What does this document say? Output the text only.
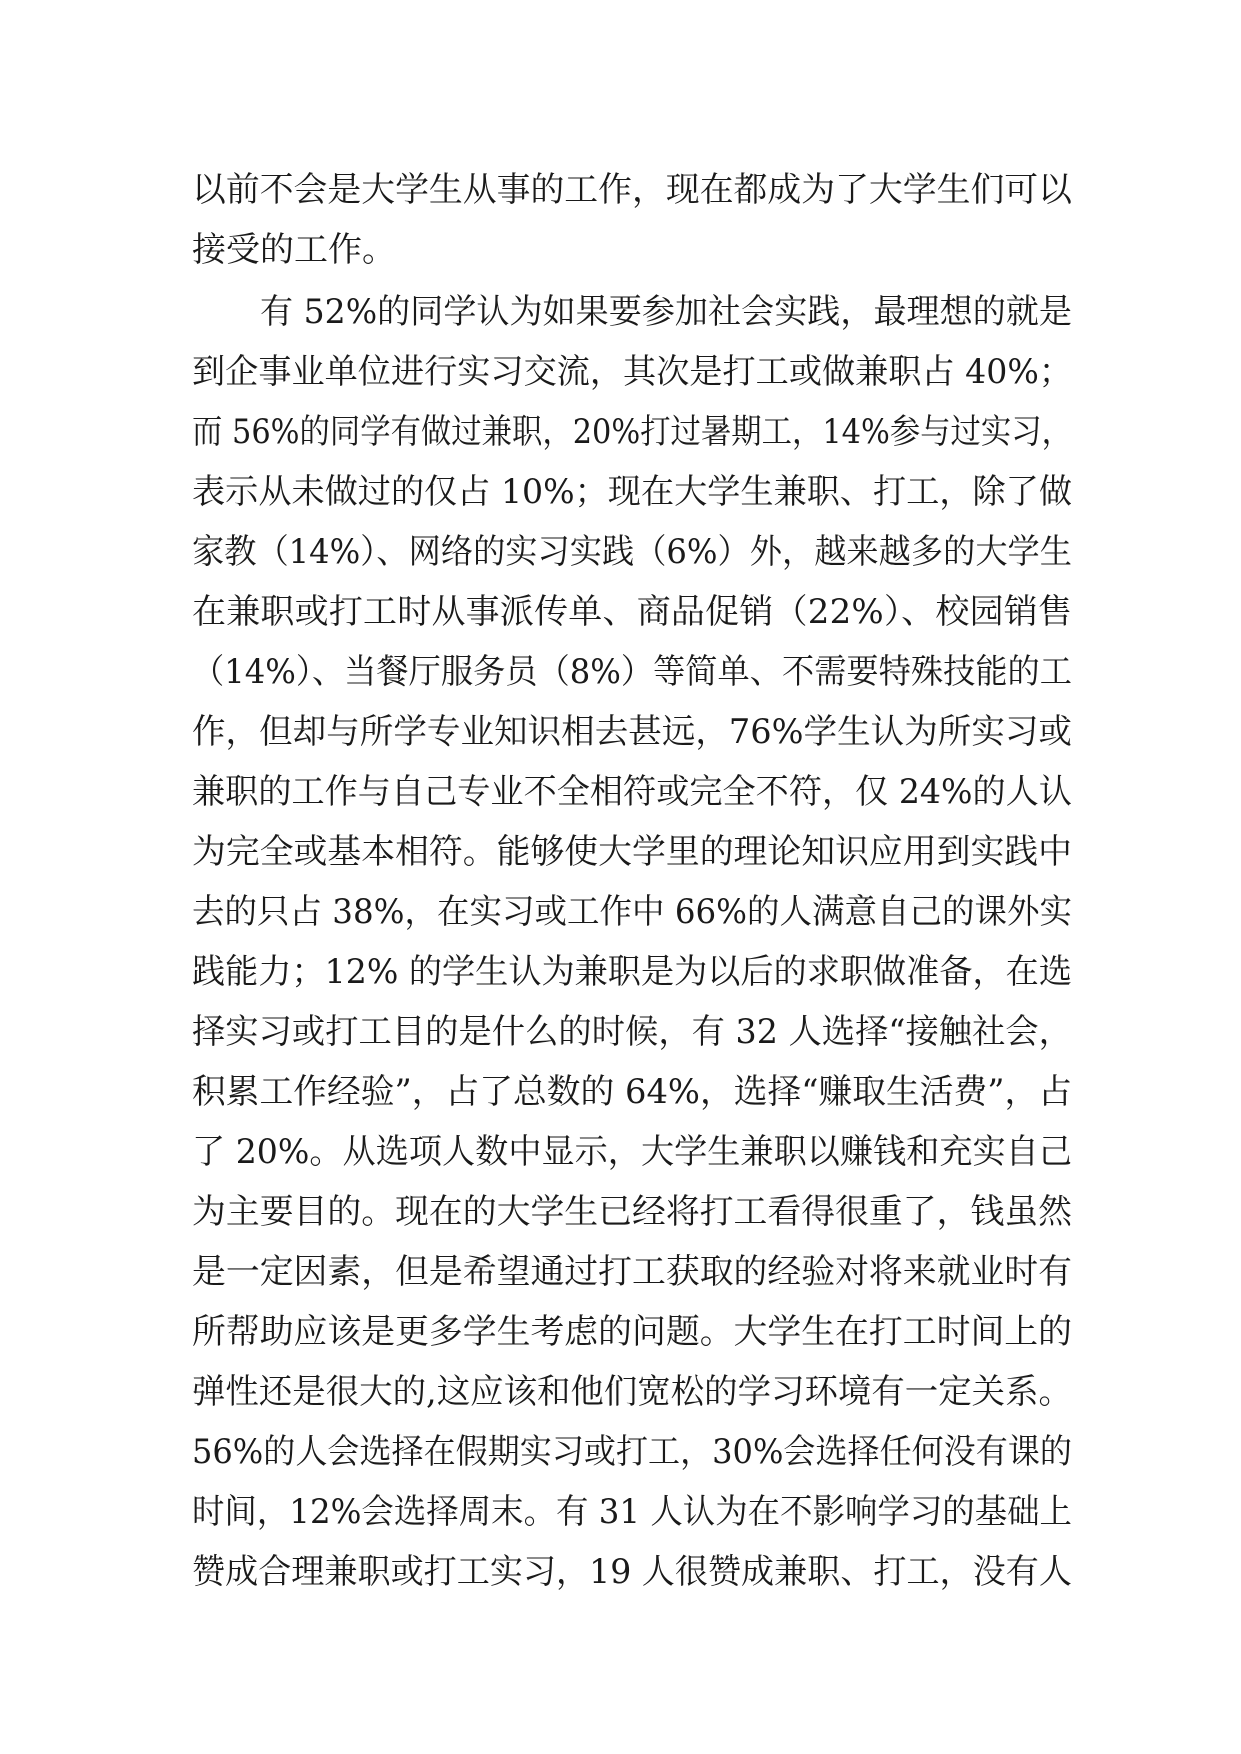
以前不会是大学生从事的工作，现在都成为了大学生们可以
接受的工作。
有 52%的同学认为如果要参加社会实践，最理想的就是
到企事业单位进行实习交流，其次是打工或做兼职占 40%；
而 56%的同学有做过兼职，20%打过暑期工，14%参与过实习，
表示从未做过的仅占 10%；现在大学生兼职、打工，除了做
家教（14%）、网络的实习实践（6%）外，越来越多的大学生
在兼职或打工时从事派传单、商品促销（22%）、校园销售
（14%）、当餐厅服务员（8%）等简单、不需要特殊技能的工
作，但却与所学专业知识相去甚远，76%学生认为所实习或
兼职的工作与自己专业不全相符或完全不符，仅 24%的人认
为完全或基本相符。能够使大学里的理论知识应用到实践中
去的只占 38%，在实习或工作中 66%的人满意自己的课外实
践能力；12% 的学生认为兼职是为以后的求职做准备，在选
择实习或打工目的是什么的时候，有 32 人选择“接触社会，
积累工作经验”，占了总数的 64%，选择“赚取生活费”，占
了 20%。从选项人数中显示，大学生兼职以赚钱和充实自己
为主要目的。现在的大学生已经将打工看得很重了，钱虽然
是一定因素，但是希望通过打工获取的经验对将来就业时有
所帮助应该是更多学生考虑的问题。大学生在打工时间上的
弹性还是很大的,这应该和他们宽松的学习环境有一定关系。
56%的人会选择在假期实习或打工，30%会选择任何没有课的
时间，12%会选择周末。有 31 人认为在不影响学习的基础上
赞成合理兼职或打工实习，19 人很赞成兼职、打工，没有人
